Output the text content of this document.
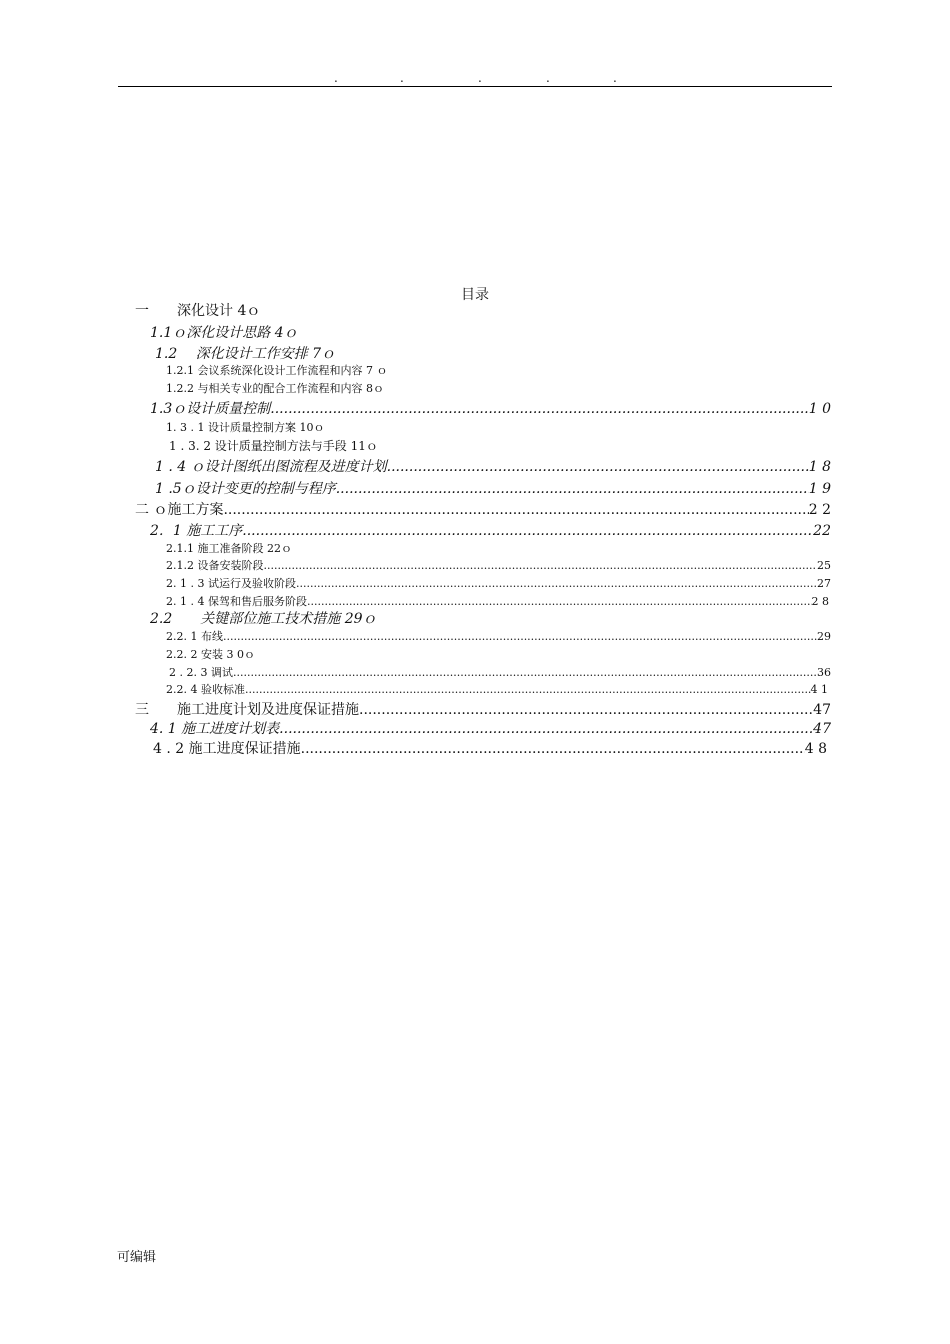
.	.	.	.	.
目录
一　　深化设计 4ｏ
1.1ｏ深化设计思路 4ｏ
1.2　 深化设计工作安排 7ｏ
1.2.1 会议系统深化设计工作流程和内容 7 ｏ
1.2.2 与相关专业的配合工作流程和内容 8ｏ
1.3ｏ设计质量控制 .....	1 0
1. 3 . 1 设计质量控制方案 10ｏ
1 . 3. 2 设计质量控制方法与手段 11ｏ
1 . 4 ｏ设计图纸出图流程及进度计划 .....	1 8
1 .5ｏ设计变更的控制与程序 .....	1 9
二 ｏ施工方案 .....	2 2
2．1 施工工序 .....	22
2.1.1 施工准备阶段 22ｏ
2.1.2 设备安装阶段 .....	25
2. 1 . 3 试运行及验收阶段 .....	27
2. 1 . 4 保驾和售后服务阶段 .....	2 8
2.2　　关键部位施工技术措施 29ｏ
2.2. 1 布线 .....	29
2.2. 2 安装 3 0ｏ
2 . 2. 3 调试 .....	36
2.2. 4 验收标准 .....	4 1
三　　施工进度计划及进度保证措施 .....	47
4. 1 施工进度计划表 .....	47
4 . 2 施工进度保证措施 .....	4 8
可编辑
